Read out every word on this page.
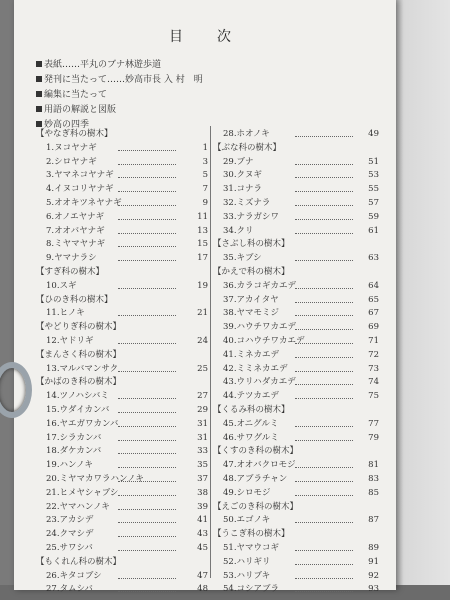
目　次
表紙……平丸のブナ林遊歩道
発刊に当たって……妙高市長 入 村　明
編集に当たって
用語の解説と図版
妙高の四季
【やなぎ科の樹木】
1.ヌコヤナギ	1
2.シロヤナギ	3
3.ヤマネコヤナギ	5
4.イヌコリヤナギ	7
5.オオキツネヤナギ	9
6.オノエヤナギ	11
7.オオバヤナギ	13
8.ミヤマヤナギ	15
9.ヤマナラシ	17
【すぎ科の樹木】
10.スギ	19
【ひのき科の樹木】
11.ヒノキ	21
【やどりぎ科の樹木】
12.ヤドリギ	24
【まんさく科の樹木】
13.マルバマンサク	25
【かばのき科の樹木】
14.ツノハシバミ	27
15.ウダイカンバ	29
16.ヤエガワカンバ	31
17.シラカンバ	31
18.ダケカンバ	33
19.ハンノキ	35
20.ミヤマカワラハンノキ	37
21.ヒメヤシャブシ	38
22.ヤマハンノキ	39
23.アカシデ	41
24.クマシデ	43
25.サワシバ	45
【もくれん科の樹木】
26.キタコブシ	47
27.タムシバ	48
28.ホオノキ	49
【ぶな科の樹木】
29.ブナ	51
30.クヌギ	53
31.コナラ	55
32.ミズナラ	57
33.ナラガシワ	59
34.クリ	61
【さぶし科の樹木】
35.キブシ	63
【かえで科の樹木】
36.カラコギカエデ	64
37.アカイタヤ	65
38.ヤマモミジ	67
39.ハウチワカエデ	69
40.コハウチワカエデ	71
41.ミネカエデ	72
42.ミミネカエデ	73
43.ウリハダカエデ	74
44.テツカエデ	75
【くるみ科の樹木】
45.オニグルミ	77
46.サワグルミ	79
【くすのき科の樹木】
47.オオバクロモジ	81
48.アブラチャン	83
49.シロモジ	85
【えごのき科の樹木】
50.エゴノキ	87
【うこぎ科の樹木】
51.ヤマウコギ	89
52.ハリギリ	91
53.ハリブキ	92
54.コシアブラ	93
